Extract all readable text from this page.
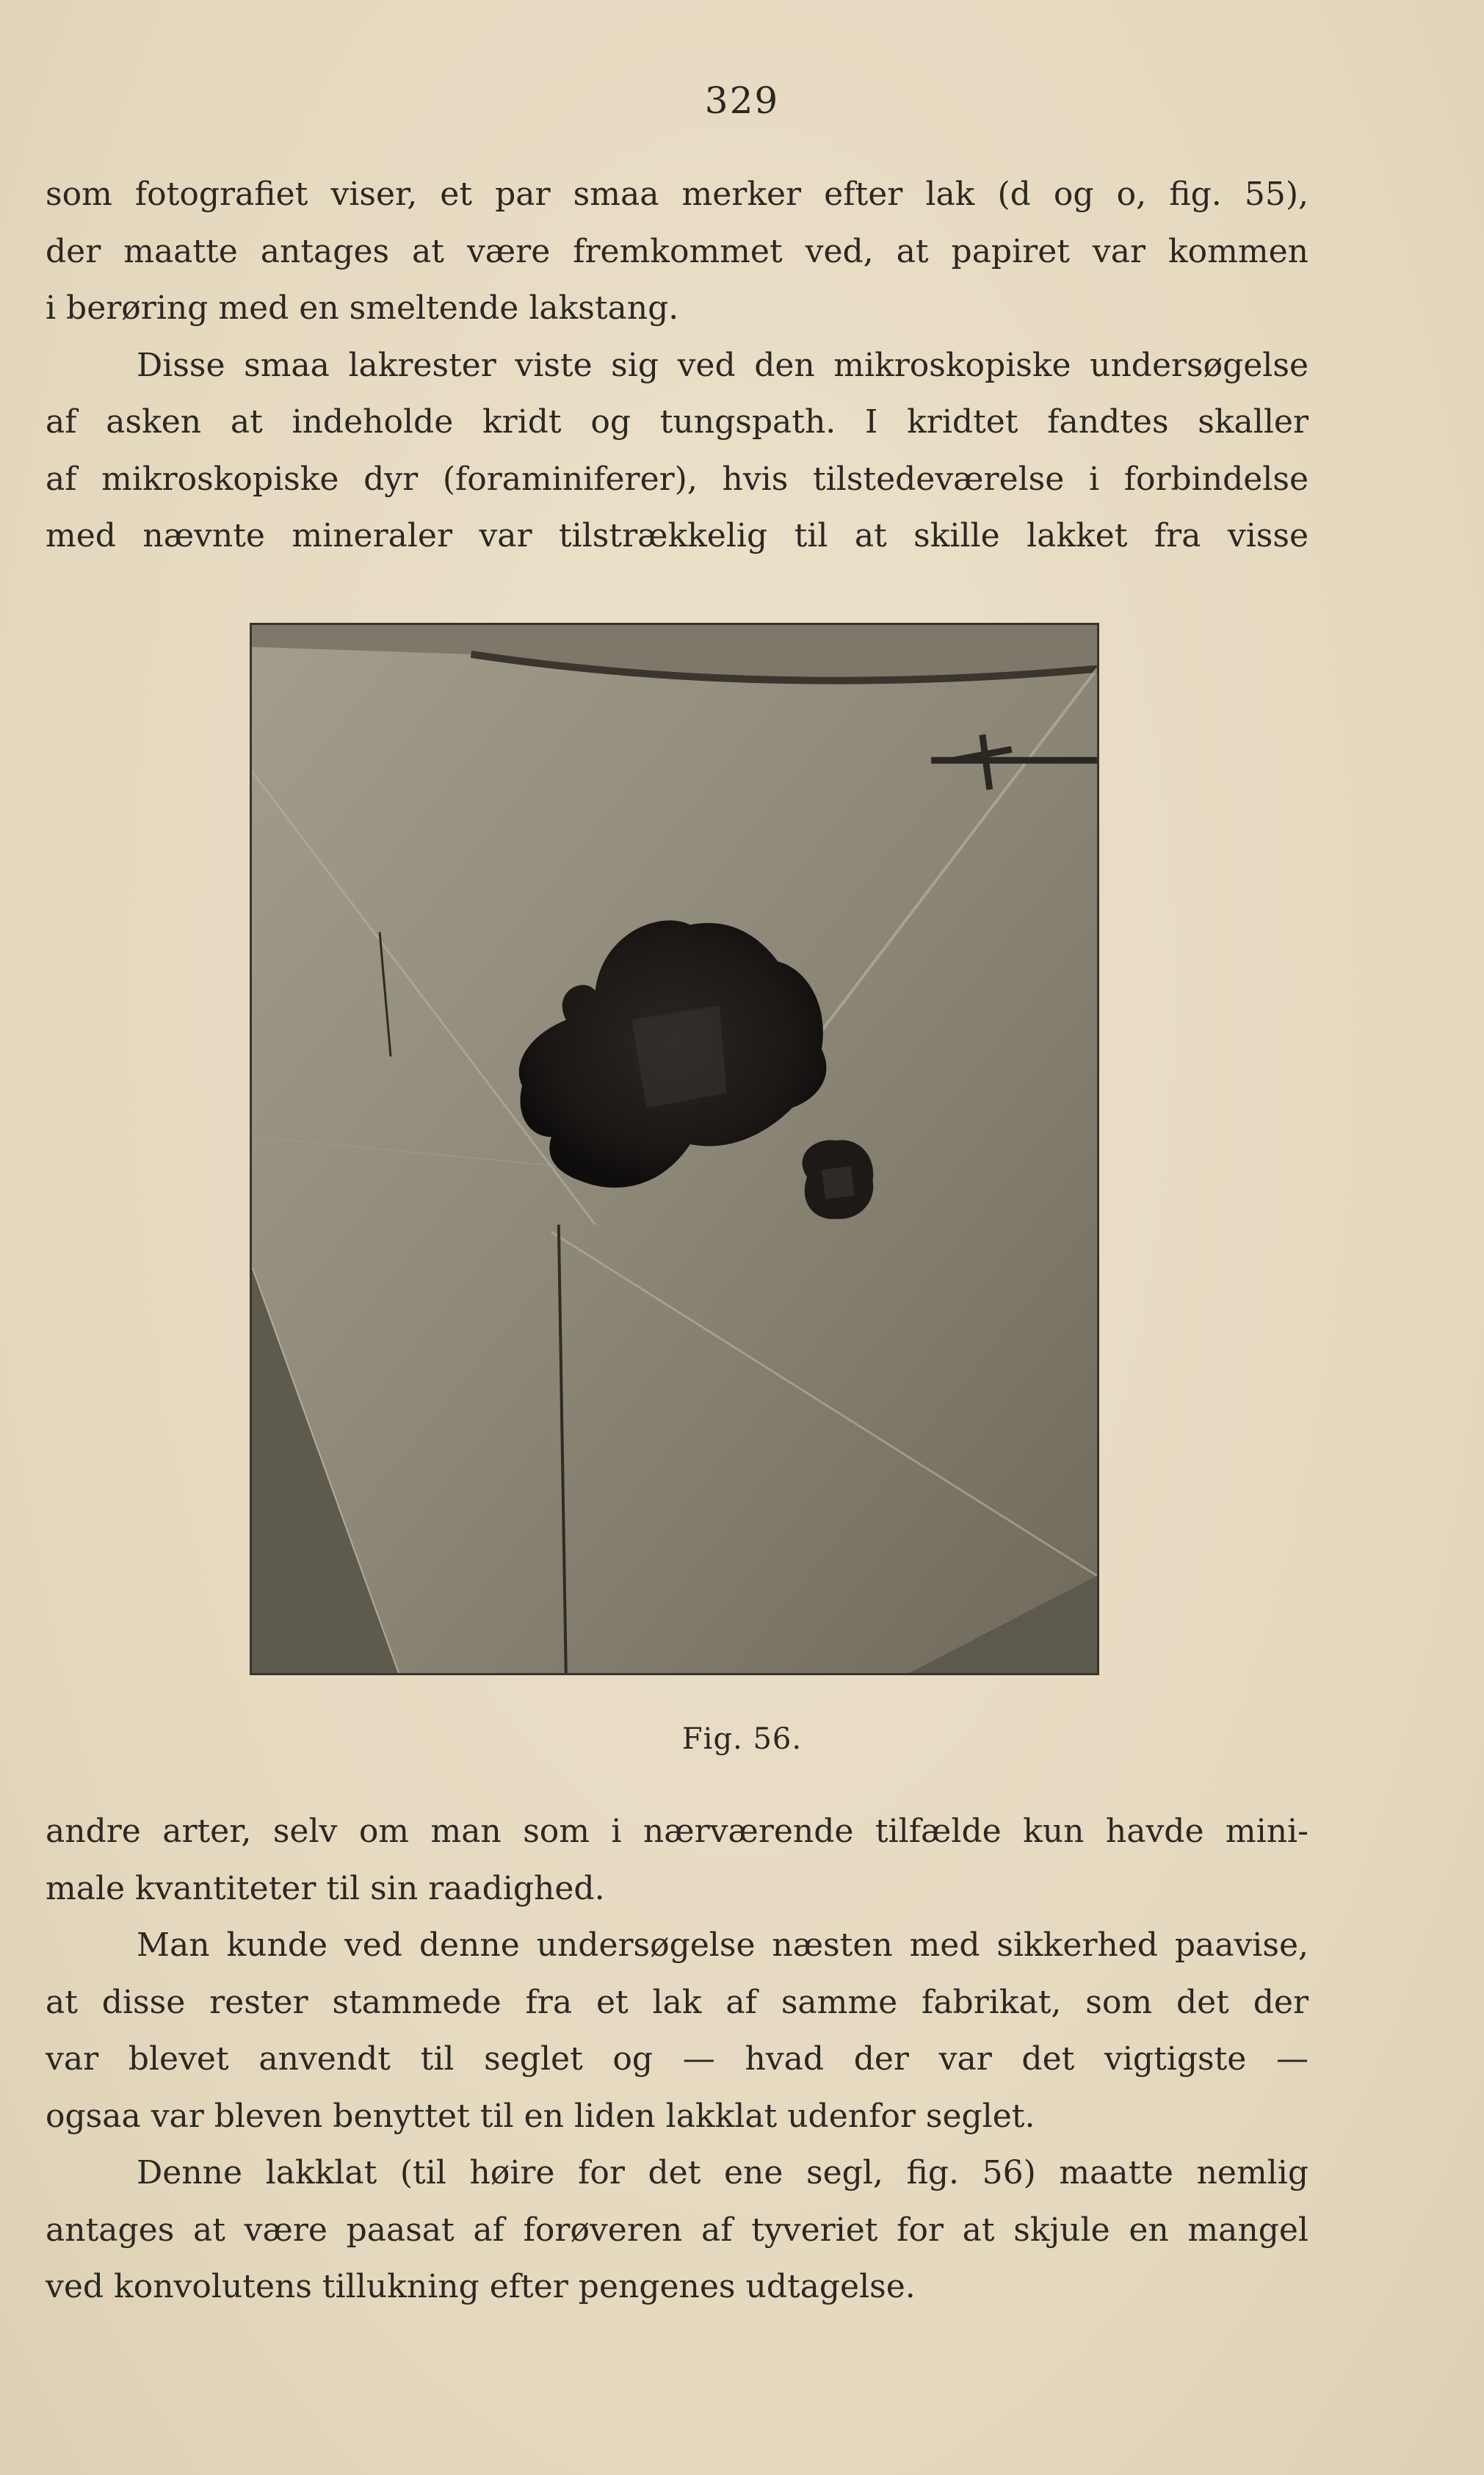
329
som fotografiet viser, et par smaa merker efter lak (d og o, fig. 55),
der maatte antages at være fremkommet ved, at papiret var kommen
i berøring med en smeltende lakstang.
Disse smaa lakrester viste sig ved den mikroskopiske undersøgelse
af asken at indeholde kridt og tungspath. I kridtet fandtes skaller
af mikroskopiske dyr (foraminiferer), hvis tilstedeværelse i forbindelse
med nævnte mineraler var tilstrækkelig til at skille lakket fra visse
Fig. 56.
andre arter, selv om man som i nærværende tilfælde kun havde mini-
male kvantiteter til sin raadighed.
Man kunde ved denne undersøgelse næsten med sikkerhed paavise,
at disse rester stammede fra et lak af samme fabrikat, som det der
var blevet anvendt til seglet og — hvad der var det vigtigste —
ogsaa var bleven benyttet til en liden lakklat udenfor seglet.
Denne lakklat (til høire for det ene segl, fig. 56) maatte nemlig
antages at være paasat af forøveren af tyveriet for at skjule en mangel
ved konvolutens tillukning efter pengenes udtagelse.
